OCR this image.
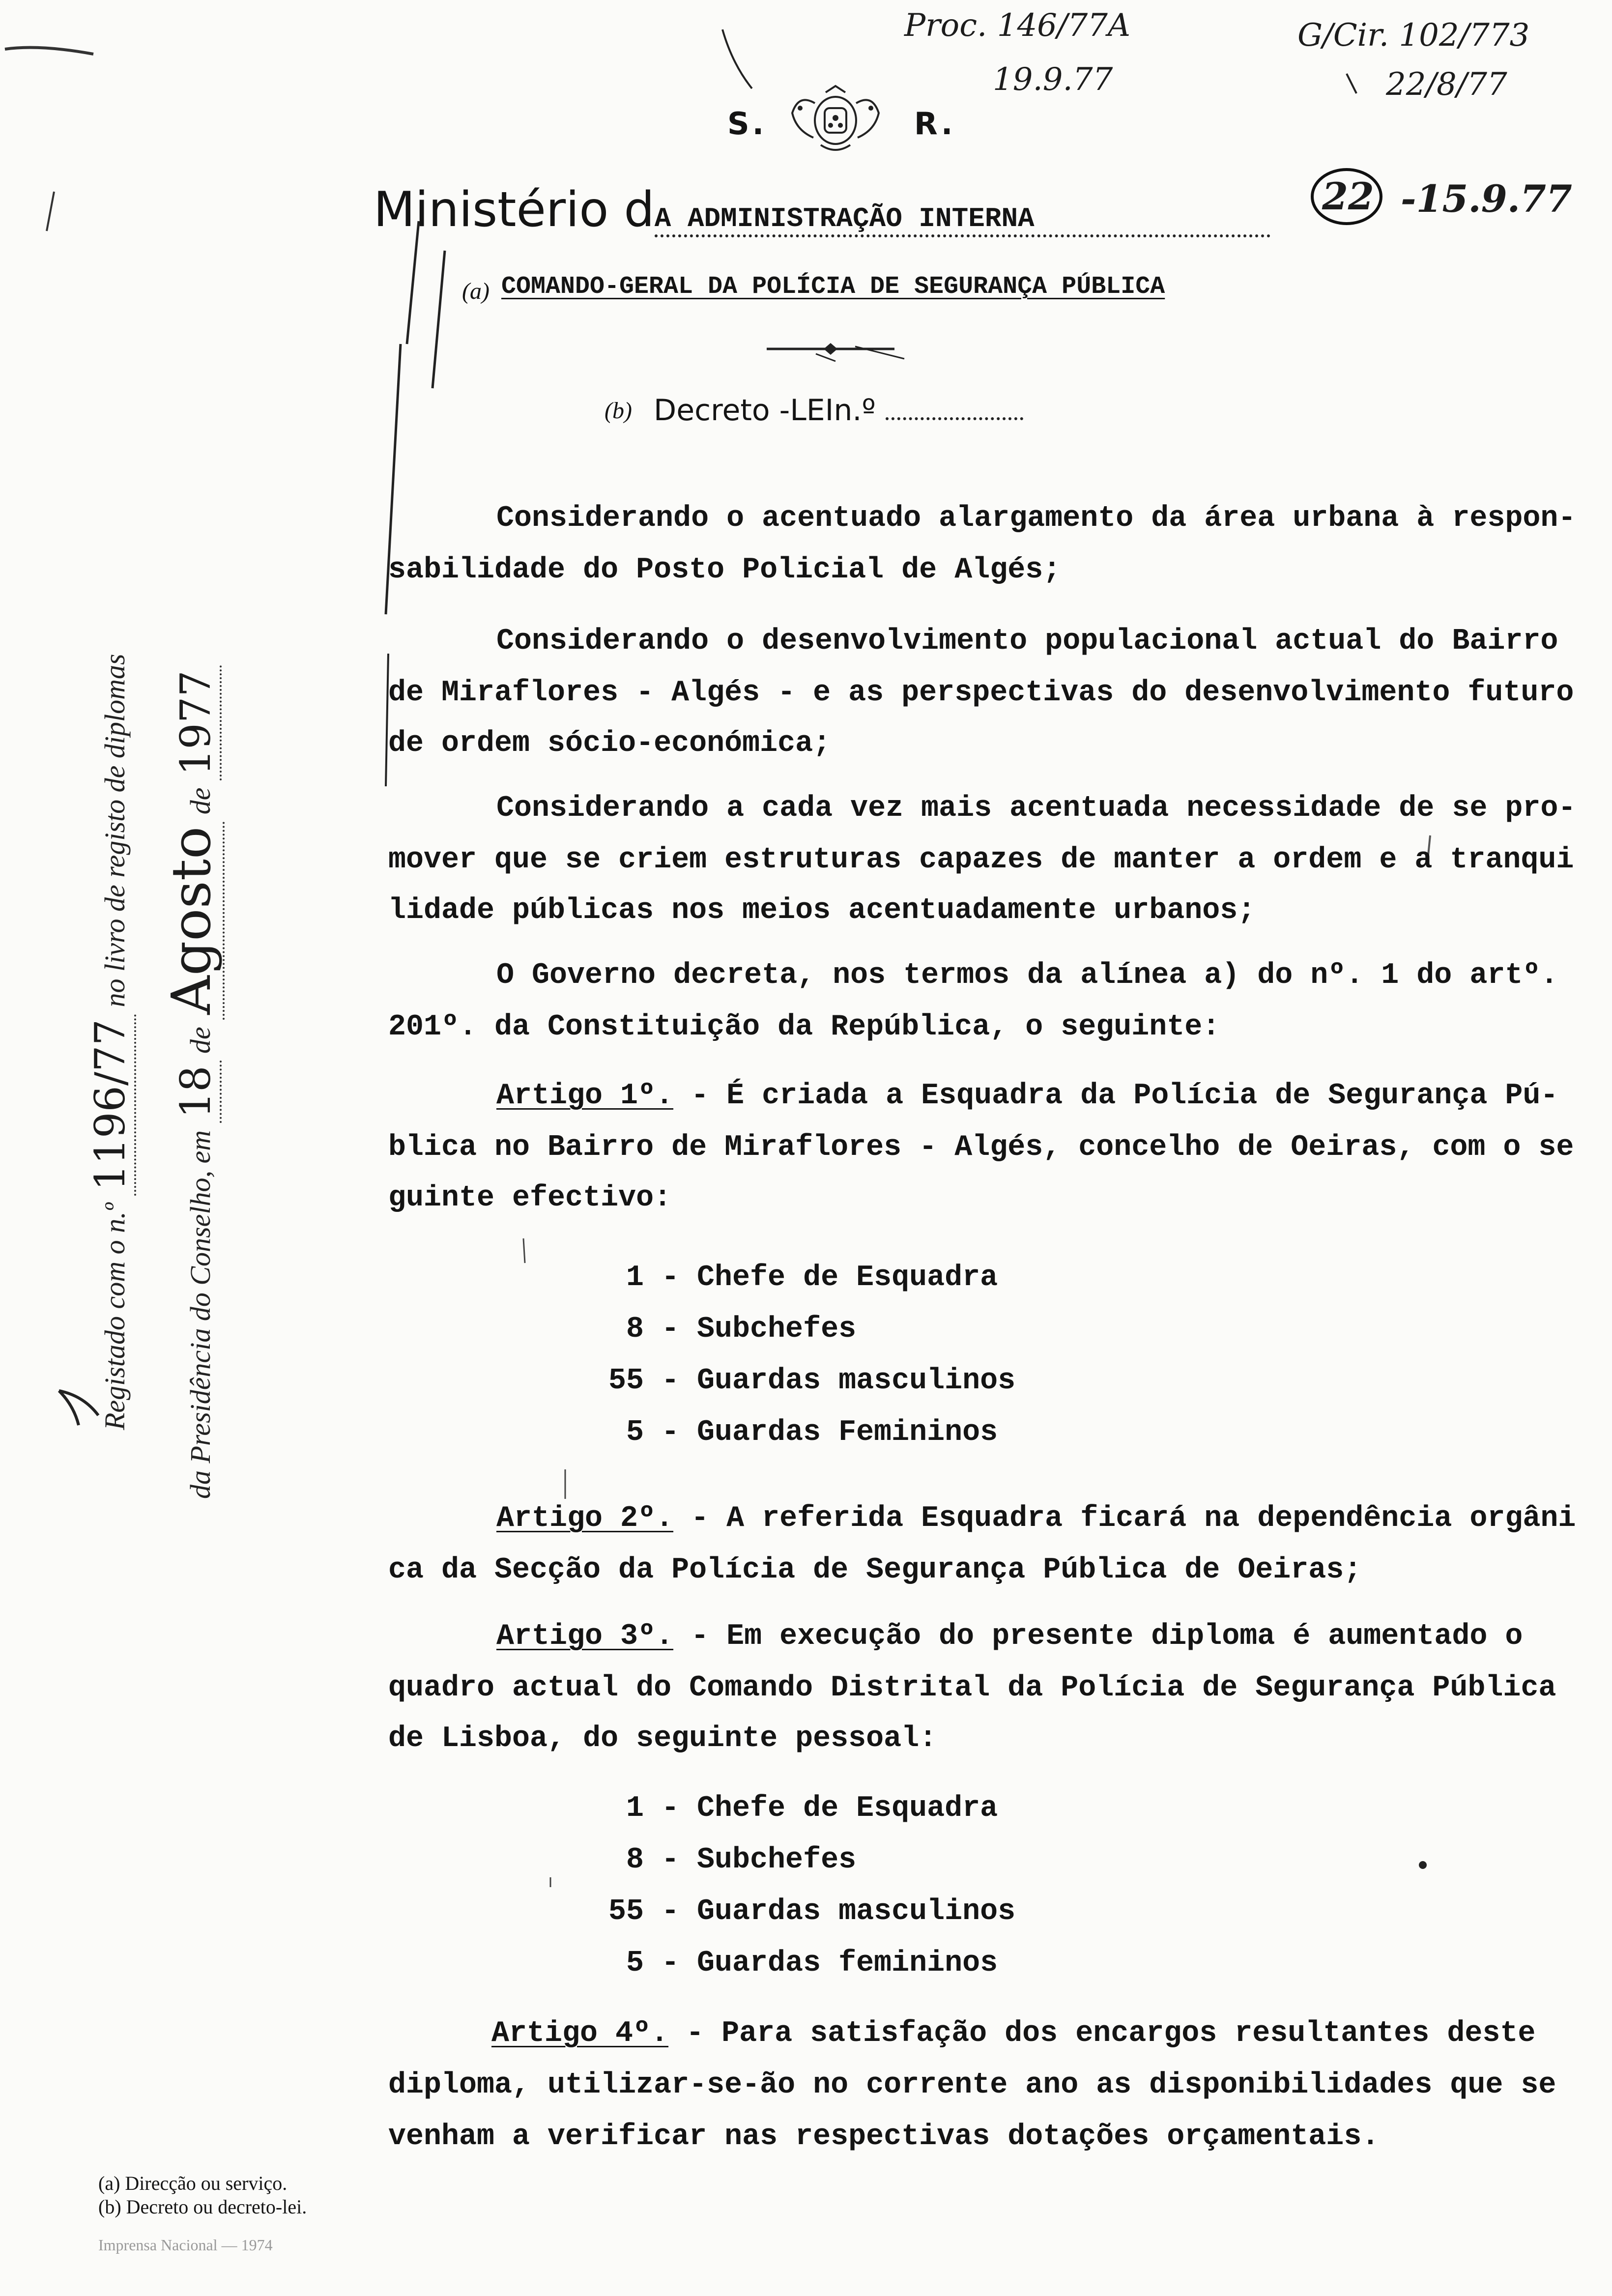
Proc. 146/77A
19.9.77
G/Cir. 102/773
22/8/77
S.	R.
Ministério dA ADMINISTRAÇÃO INTERNA
22 -15.9.77
(a) COMANDO-GERAL DA POLÍCIA DE SEGURANÇA PÚBLICA
(b) Decreto -LEIn.º
Considerando o acentuado alargamento da área urbana à respon-
sabilidade do Posto Policial de Algés;
Considerando o desenvolvimento populacional actual do Bairro
de Miraflores - Algés - e as perspectivas do desenvolvimento futuro
de ordem sócio-económica;
Considerando a cada vez mais acentuada necessidade de se pro-
mover que se criem estruturas capazes de manter a ordem e a tranqui
lidade públicas nos meios acentuadamente urbanos;
O Governo decreta, nos termos da alínea a) do nº. 1 do artº.
201º. da Constituição da República, o seguinte:
Artigo 1º. - É criada a Esquadra da Polícia de Segurança Pú-
blica no Bairro de Miraflores - Algés, concelho de Oeiras, com o se
guinte efectivo:
1 - Chefe de Esquadra
8 - Subchefes
55 - Guardas masculinos
5 - Guardas Femininos
Artigo 2º. - A referida Esquadra ficará na dependência orgâni
ca da Secção da Polícia de Segurança Pública de Oeiras;
Artigo 3º. - Em execução do presente diploma é aumentado o
quadro actual do Comando Distrital da Polícia de Segurança Pública
de Lisboa, do seguinte pessoal:
1 - Chefe de Esquadra
8 - Subchefes
55 - Guardas masculinos
5 - Guardas femininos
Artigo 4º. - Para satisfação dos encargos resultantes deste
diploma, utilizar-se-ão no corrente ano as disponibilidades que se
venham a verificar nas respectivas dotações orçamentais.
Registado com o n.º 1196/77 no livro de registo de diplomas
da Presidência do Conselho, em 18 de Agosto de 1977
(a) Direcção ou serviço.
(b) Decreto ou decreto-lei.
Imprensa Nacional — 1974
